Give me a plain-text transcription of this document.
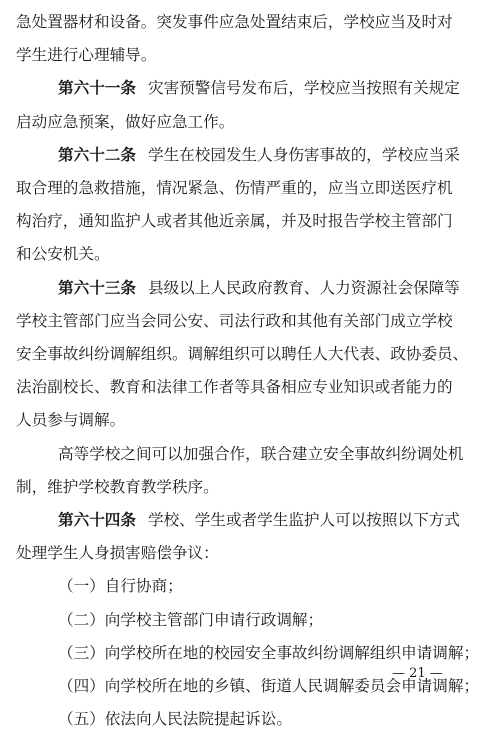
急处置器材和设备。突发事件应急处置结束后，学校应当及时对
学生进行心理辅导。
第六十一条 灾害预警信号发布后，学校应当按照有关规定
启动应急预案，做好应急工作。
第六十二条 学生在校园发生人身伤害事故的，学校应当采
取合理的急救措施，情况紧急、伤情严重的，应当立即送医疗机
构治疗，通知监护人或者其他近亲属，并及时报告学校主管部门
和公安机关。
第六十三条 县级以上人民政府教育、人力资源社会保障等
学校主管部门应当会同公安、司法行政和其他有关部门成立学校
安全事故纠纷调解组织。调解组织可以聘任人大代表、政协委员、
法治副校长、教育和法律工作者等具备相应专业知识或者能力的
人员参与调解。
高等学校之间可以加强合作，联合建立安全事故纠纷调处机
制，维护学校教育教学秩序。
第六十四条 学校、学生或者学生监护人可以按照以下方式
处理学生人身损害赔偿争议：
（一）自行协商；
（二）向学校主管部门申请行政调解；
（三）向学校所在地的校园安全事故纠纷调解组织申请调解；
（四）向学校所在地的乡镇、街道人民调解委员会申请调解；
（五）依法向人民法院提起诉讼。
— 21 —
